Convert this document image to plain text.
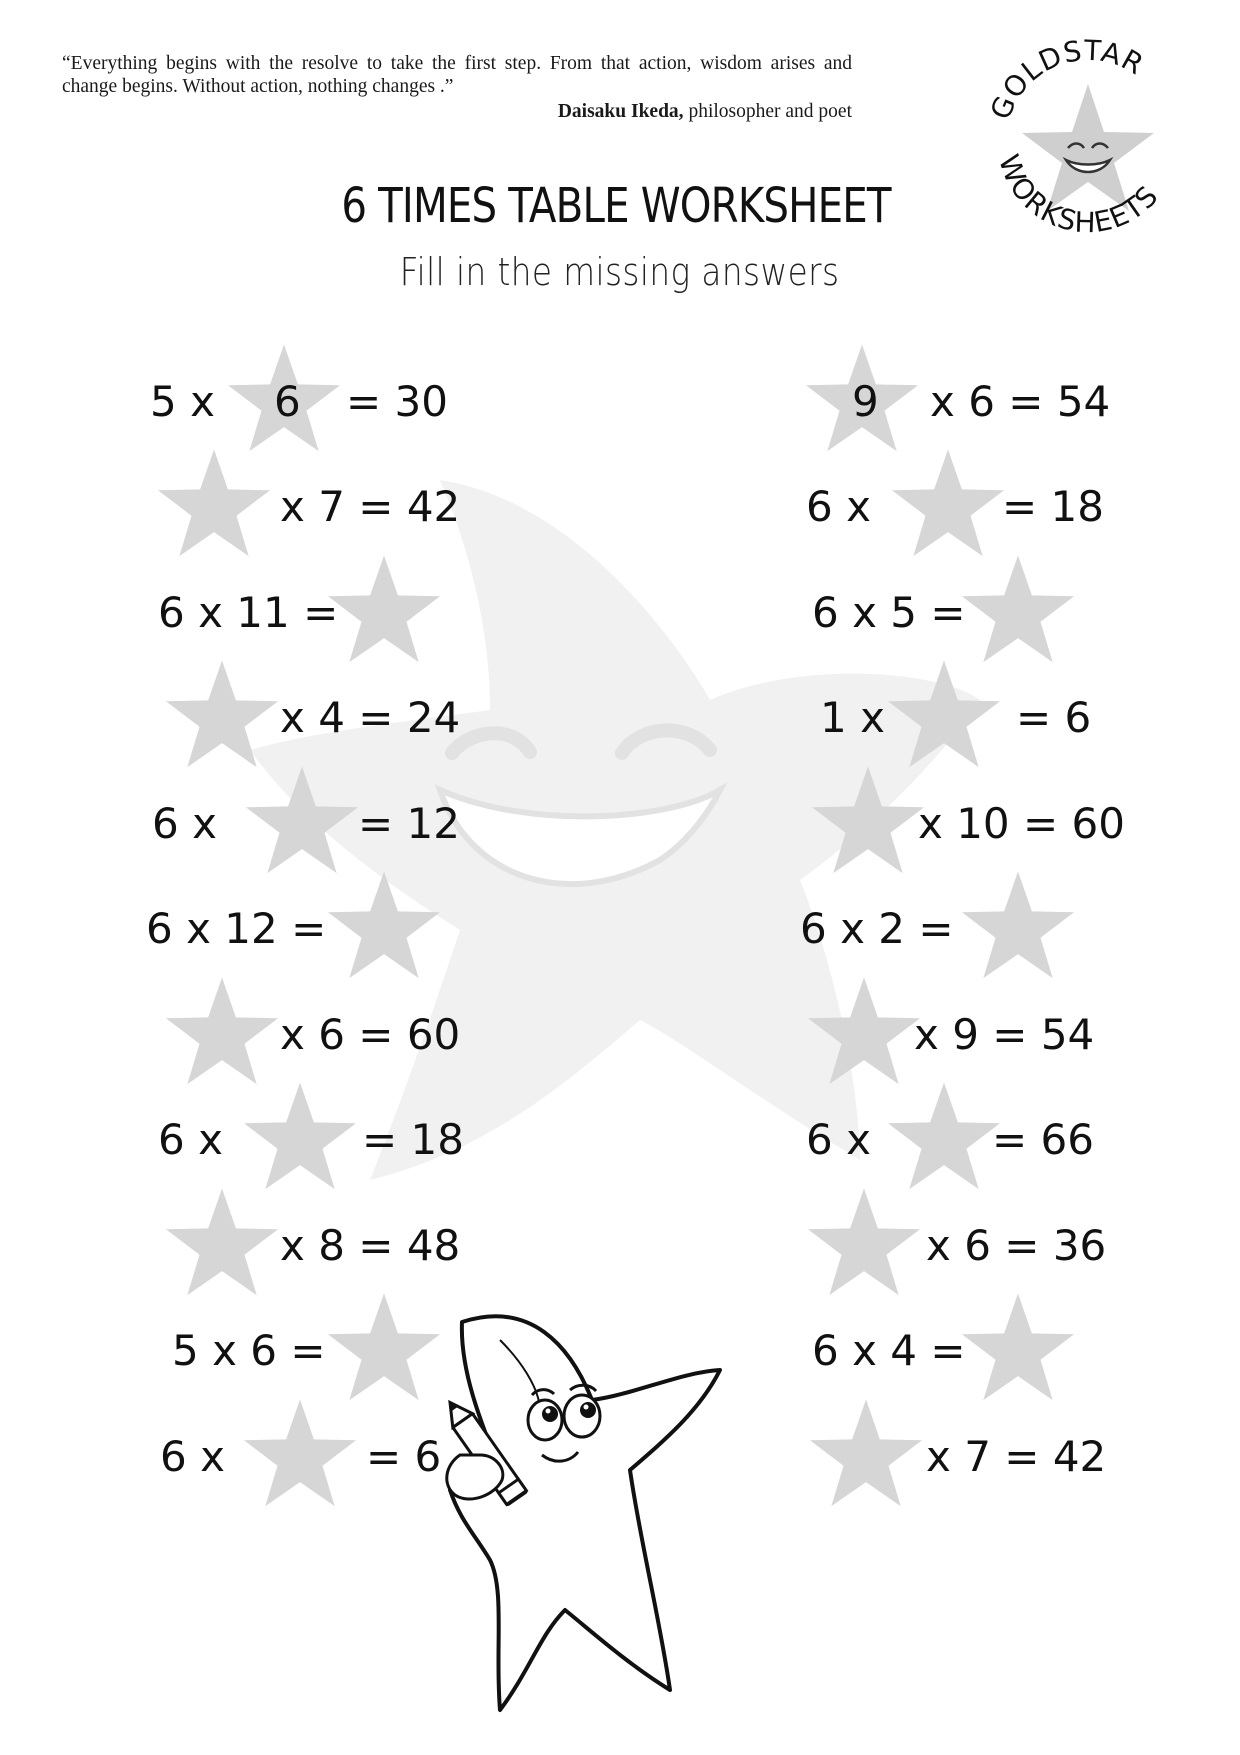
“Everything begins with the resolve to take the first step. From that action, wisdom arises and change begins. Without action, nothing changes .”
Daisaku Ikeda, philosopher and poet	GOLDSTAR
WORKSHEETS
6 TIMES TABLE WORKSHEET
Fill in the missing answers
5 x 6 = 30
x 7 = 42
6 x 11 =
x 4 = 24
6 x	= 12
6 x 12 =
x 6 = 60
6 x	= 18
x 8 = 48
5 x 6 =
6 x	= 6
9 x 6 = 54
6 x	= 18
6 x 5 =
1 x	= 6
x 10 = 60
6 x 2 =
x 9 = 54
6 x	= 66
x 6 = 36
6 x 4 =
x 7 = 42
